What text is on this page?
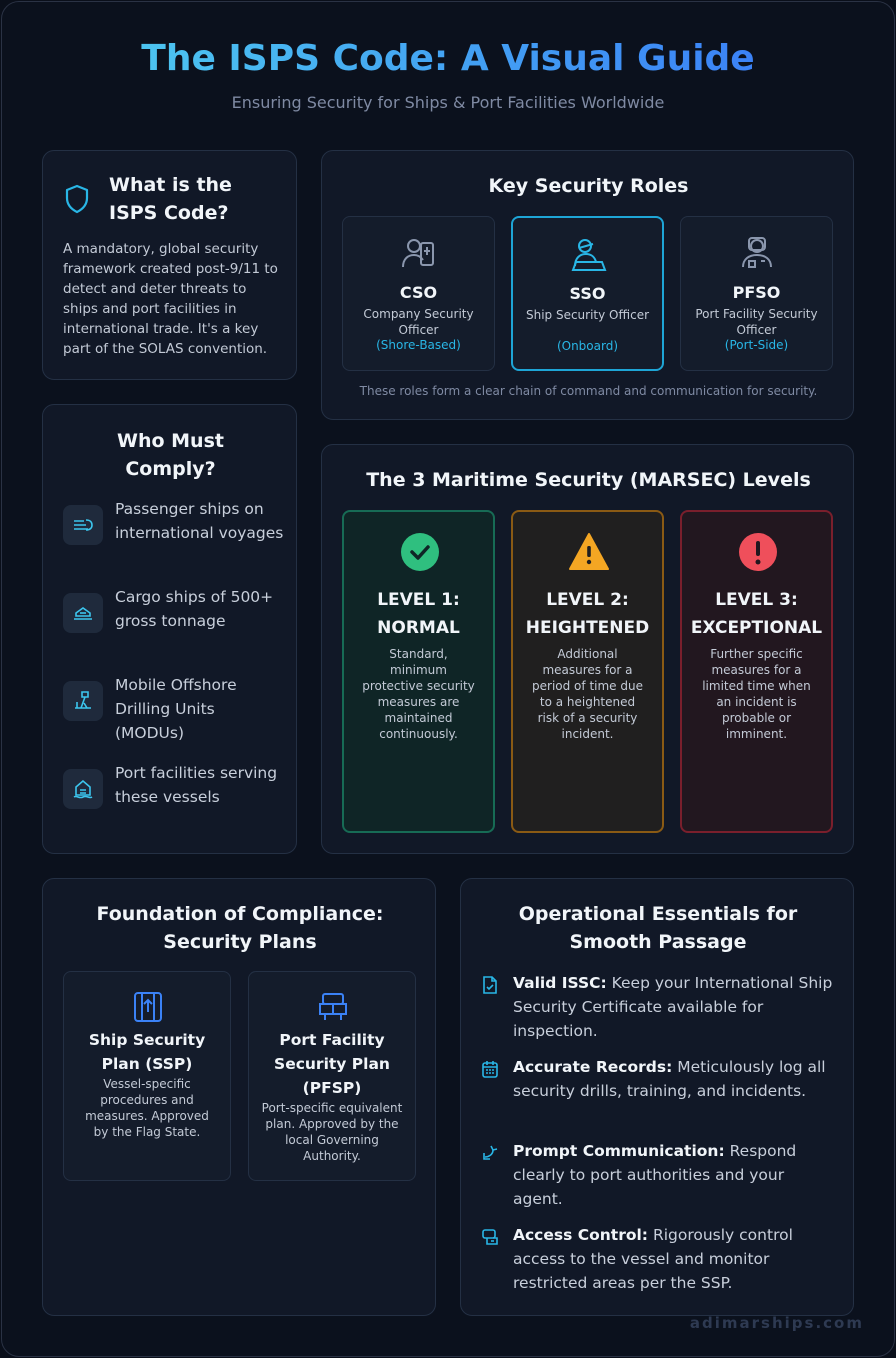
The ISPS Code: A Visual Guide
Ensuring Security for Ships & Port Facilities Worldwide
What is the ISPS Code?
A mandatory, global security framework created post-9/11 to detect and deter threats to ships and port facilities in international trade. It's a key part of the SOLAS convention.
Who Must Comply?
Passenger ships on international voyages
Cargo ships of 500+ gross tonnage
Mobile Offshore Drilling Units (MODUs)
Port facilities serving these vessels
Key Security Roles
CSO
Company Security Officer
(Shore-Based)
SSO
Ship Security Officer
(Onboard)
PFSO
Port Facility Security Officer
(Port-Side)
These roles form a clear chain of command and communication for security.
The 3 Maritime Security (MARSEC) Levels
LEVEL 1:
NORMAL
Standard, minimum protective security measures are maintained continuously.
LEVEL 2:
HEIGHTENED
Additional measures for a period of time due to a heightened risk of a security incident.
LEVEL 3:
EXCEPTIONAL
Further specific measures for a limited time when an incident is probable or imminent.
Foundation of Compliance: Security Plans
Ship Security Plan (SSP)
Vessel-specific procedures and measures. Approved by the Flag State.
Port Facility Security Plan (PFSP)
Port-specific equivalent plan. Approved by the local Governing Authority.
Operational Essentials for Smooth Passage
Valid ISSC: Keep your International Ship Security Certificate available for inspection.
Accurate Records: Meticulously log all security drills, training, and incidents.
Prompt Communication: Respond clearly to port authorities and your agent.
Access Control: Rigorously control access to the vessel and monitor restricted areas per the SSP.
adimarships.com
